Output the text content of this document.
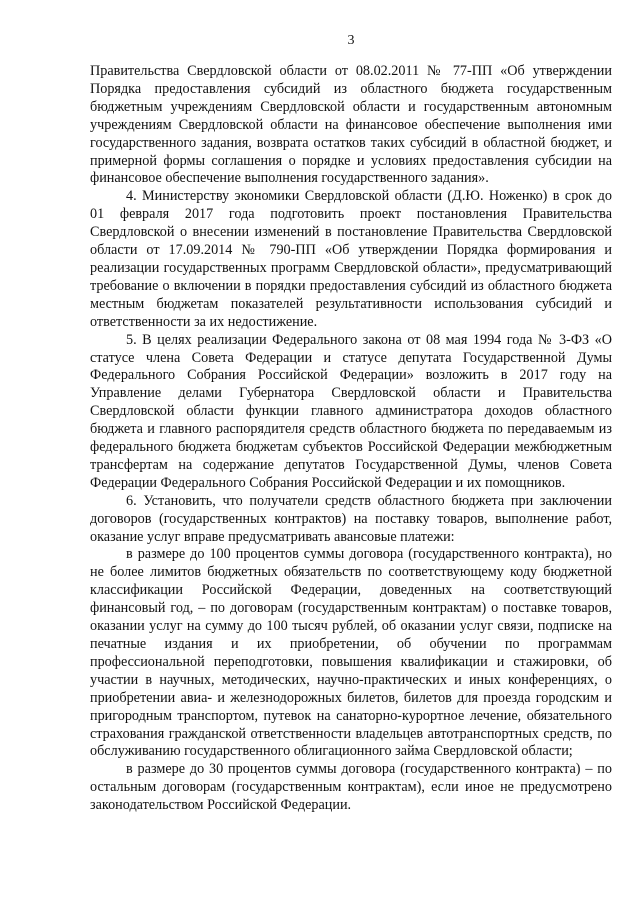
3

Правительства Свердловской области от 08.02.2011 № 77-ПП «Об утверждении Порядка предоставления субсидий из областного бюджета государственным бюджетным учреждениям Свердловской области и государственным автономным учреждениям Свердловской области на финансовое обеспечение выполнения ими государственного задания, возврата остатков таких субсидий в областной бюджет, и примерной формы соглашения о порядке и условиях предоставления субсидии на финансовое обеспечение выполнения государственного задания».

4. Министерству экономики Свердловской области (Д.Ю. Ноженко) в срок до 01 февраля 2017 года подготовить проект постановления Правительства Свердловской о внесении изменений в постановление Правительства Свердловской области от 17.09.2014 № 790-ПП «Об утверждении Порядка формирования и реализации государственных программ Свердловской области», предусматривающий требование о включении в порядки предоставления субсидий из областного бюджета местным бюджетам показателей результативности использования субсидий и ответственности за их недостижение.

5. В целях реализации Федерального закона от 08 мая 1994 года № 3-ФЗ «О статусе члена Совета Федерации и статусе депутата Государственной Думы Федерального Собрания Российской Федерации» возложить в 2017 году на Управление делами Губернатора Свердловской области и Правительства Свердловской области функции главного администратора доходов областного бюджета и главного распорядителя средств областного бюджета по передаваемым из федерального бюджета бюджетам субъектов Российской Федерации межбюджетным трансфертам на содержание депутатов Государственной Думы, членов Совета Федерации Федерального Собрания Российской Федерации и их помощников.

6. Установить, что получатели средств областного бюджета при заключении договоров (государственных контрактов) на поставку товаров, выполнение работ, оказание услуг вправе предусматривать авансовые платежи:

в размере до 100 процентов суммы договора (государственного контракта), но не более лимитов бюджетных обязательств по соответствующему коду бюджетной классификации Российской Федерации, доведенных на соответствующий финансовый год, – по договорам (государственным контрактам) о поставке товаров, оказании услуг на сумму до 100 тысяч рублей, об оказании услуг связи, подписке на печатные издания и их приобретении, об обучении по программам профессиональной переподготовки, повышения квалификации и стажировки, об участии в научных, методических, научно-практических и иных конференциях, о приобретении авиа- и железнодорожных билетов, билетов для проезда городским и пригородным транспортом, путевок на санаторно-курортное лечение, обязательного страхования гражданской ответственности владельцев автотранспортных средств, по обслуживанию государственного облигационного займа Свердловской области;

в размере до 30 процентов суммы договора (государственного контракта) – по остальным договорам (государственным контрактам), если иное не предусмотрено законодательством Российской Федерации.
